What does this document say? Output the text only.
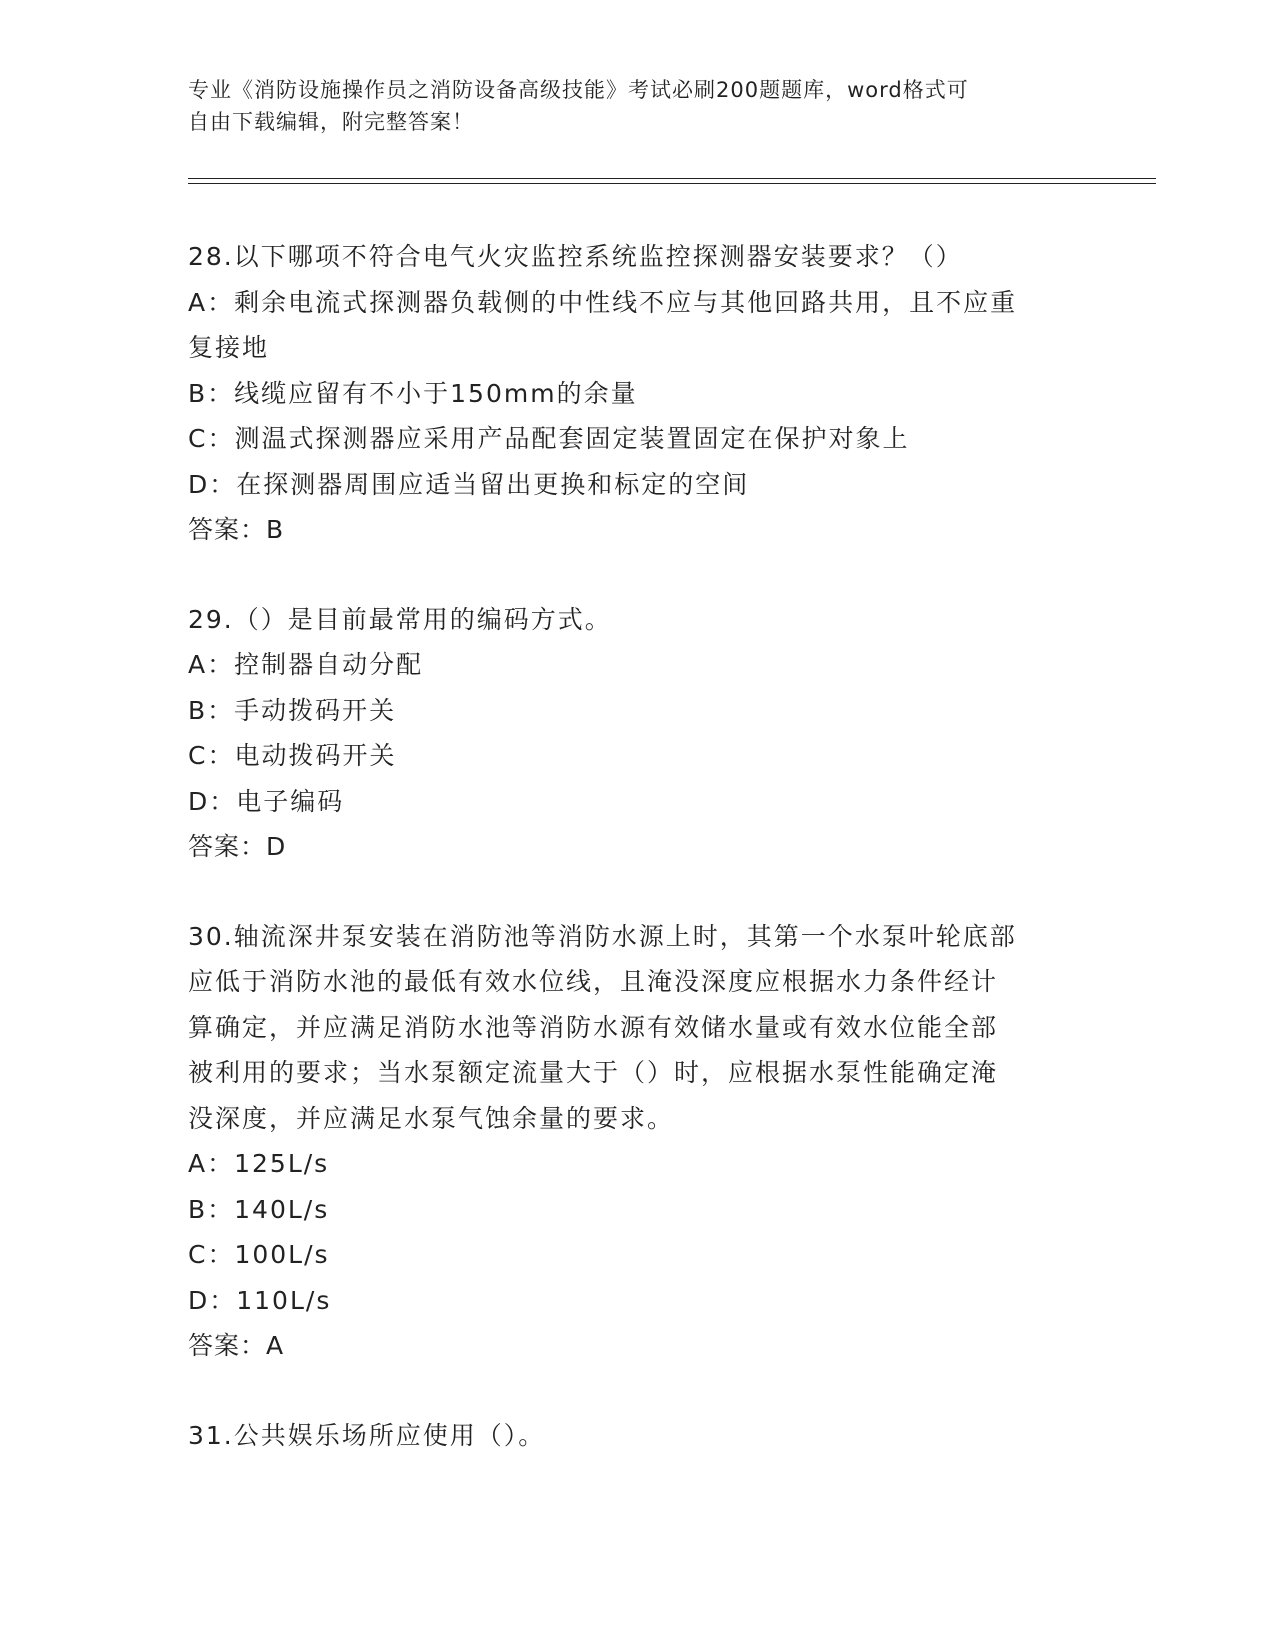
专业《消防设施操作员之消防设备高级技能》考试必刷200题题库，word格式可

自由下载编辑，附完整答案！

28.以下哪项不符合电气火灾监控系统监控探测器安装要求？（）

A：剩余电流式探测器负载侧的中性线不应与其他回路共用，且不应重

复接地

B：线缆应留有不小于150mm的余量

C：测温式探测器应采用产品配套固定装置固定在保护对象上

D：在探测器周围应适当留出更换和标定的空间

答案：B

29.（）是目前最常用的编码方式。

A：控制器自动分配

B：手动拨码开关

C：电动拨码开关

D：电子编码

答案：D

30.轴流深井泵安装在消防池等消防水源上时，其第一个水泵叶轮底部

应低于消防水池的最低有效水位线，且淹没深度应根据水力条件经计

算确定，并应满足消防水池等消防水源有效储水量或有效水位能全部

被利用的要求；当水泵额定流量大于（）时，应根据水泵性能确定淹

没深度，并应满足水泵气蚀余量的要求。

A：125L/s

B：140L/s

C：100L/s

D：110L/s

答案：A

31.公共娱乐场所应使用（）。
